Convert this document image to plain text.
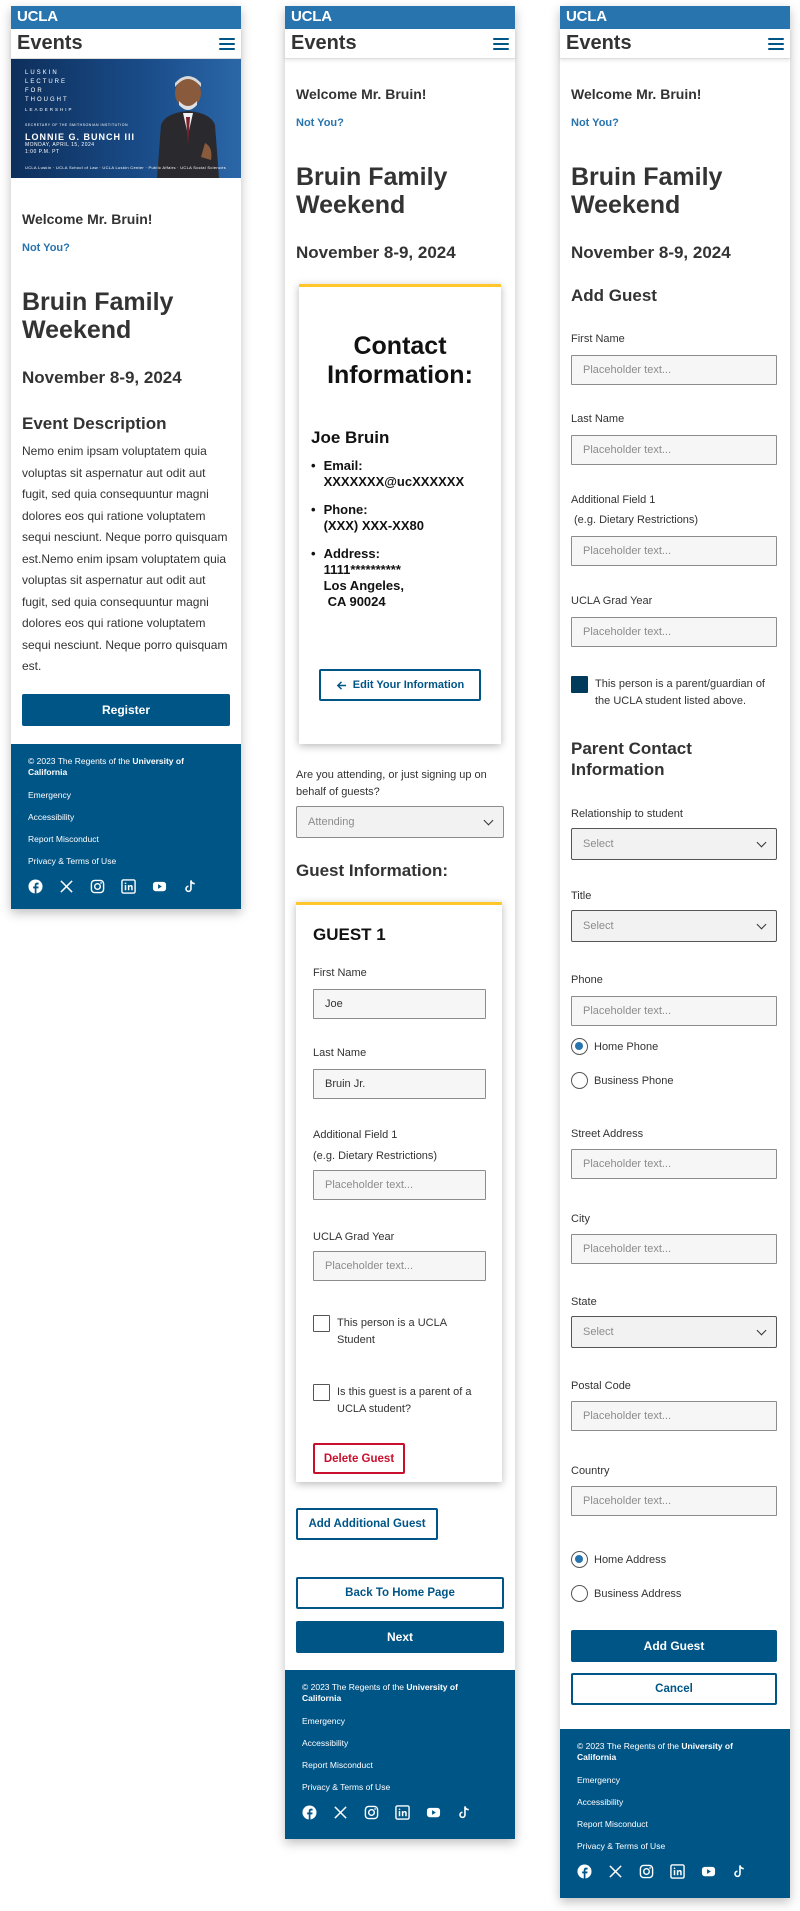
UCLA
Events
LUSKIN
LECTURE
FOR
THOUGHT
LEADERSHIP
SECRETARY OF THE SMITHSONIAN INSTITUTION
LONNIE G. BUNCH III
MONDAY, APRIL 15, 2024
1:00 P.M. PT
UCLA Luskin · UCLA School of Law · UCLA Luskin Center · Public Affairs · UCLA Social Sciences
Welcome Mr. Bruin!
Not You?
Bruin Family
Weekend
November 8-9, 2024
Event Description
Nemo enim ipsam voluptatem quia voluptas sit aspernatur aut odit aut fugit, sed quia consequuntur magni dolores eos qui ratione voluptatem sequi nesciunt. Neque porro quisquam est.Nemo enim ipsam voluptatem quia voluptas sit aspernatur aut odit aut fugit, sed quia consequuntur magni dolores eos qui ratione voluptatem sequi nesciunt. Neque porro quisquam est.
Register
© 2023 The Regents of the University of California
Emergency
Accessibility
Report Misconduct
Privacy & Terms of Use
UCLA
Events
Welcome Mr. Bruin!
Not You?
Bruin Family
Weekend
November 8-9, 2024
Contact
Information:
Joe Bruin
• Email:
XXXXXXX@ucXXXXXX
• Phone:
(XXX) XXX-XX80
• Address:
1111**********
Los Angeles,
CA 90024
Edit Your Information
Are you attending, or just signing up on behalf of guests?
Attending
Guest Information:
GUEST 1
First Name
Joe
Last Name
Bruin Jr.
Additional Field 1
(e.g. Dietary Restrictions)
Placeholder text...
UCLA Grad Year
Placeholder text...
This person is a UCLA Student
Is this guest is a parent of a UCLA student?
Delete Guest
Add Additional Guest
Back To Home Page
Next
© 2023 The Regents of the University of California
Emergency
Accessibility
Report Misconduct
Privacy & Terms of Use
UCLA
Events
Welcome Mr. Bruin!
Not You?
Bruin Family
Weekend
November 8-9, 2024
Add Guest
First Name
Placeholder text...
Last Name
Placeholder text...
Additional Field 1
(e.g. Dietary Restrictions)
Placeholder text...
UCLA Grad Year
Placeholder text...
This person is a parent/guardian of the UCLA student listed above.
Parent Contact
Information
Relationship to student
Select
Title
Select
Phone
Placeholder text...
Home Phone
Business Phone
Street Address
Placeholder text...
City
Placeholder text...
State
Select
Postal Code
Placeholder text...
Country
Placeholder text...
Home Address
Business Address
Add Guest
Cancel
© 2023 The Regents of the University of California
Emergency
Accessibility
Report Misconduct
Privacy & Terms of Use
